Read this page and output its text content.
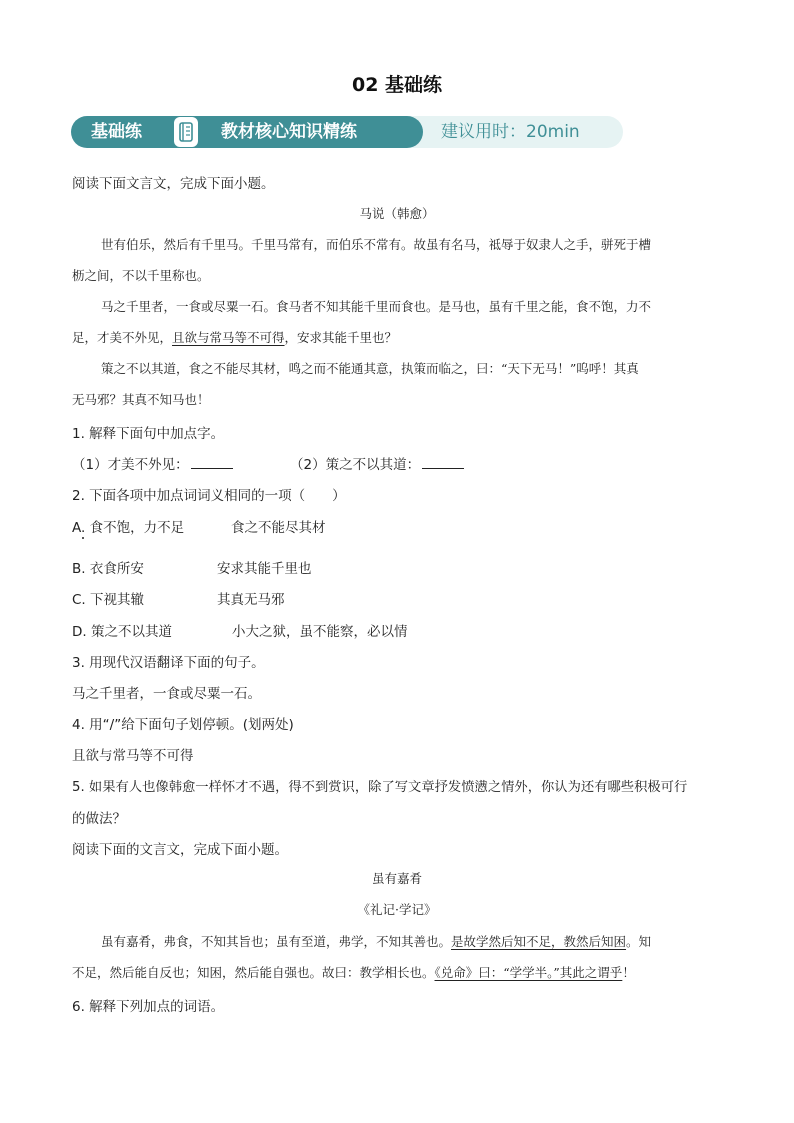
02 基础练
基础练	教材核心知识精练	建议用时：20min
阅读下面文言文，完成下面小题。
马说（韩愈）
世有伯乐，然后有千里马。千里马常有，而伯乐不常有。故虽有名马，祗辱于奴隶人之手，骈死于槽
枥之间，不以千里称也。
马之千里者，一食或尽粟一石。食马者不知其能千里而食也。是马也，虽有千里之能，食不饱，力不
足，才美不外见，且欲与常马等不可得，安求其能千里也？
策之不以其道，食之不能尽其材，鸣之而不能通其意，执策而临之，曰：“天下无马！”呜呼！其真
无马邪？其真不知马也！
1. 解释下面句中加点字。
（1）才美不外见：	（2）策之不以其道：
2. 下面各项中加点词词义相同的一项（　　）
A. 食不饱，力不足	食之不能尽其材
B. 衣食所安	安求其能千里也
C. 下视其辙	其真无马邪
D. 策之不以其道	小大之狱，虽不能察，必以情
3. 用现代汉语翻译下面的句子。
马之千里者，一食或尽粟一石。
4. 用“/”给下面句子划停顿。(划两处)
且欲与常马等不可得
5. 如果有人也像韩愈一样怀才不遇，得不到赏识，除了写文章抒发愤懑之情外，你认为还有哪些积极可行
的做法？
阅读下面的文言文，完成下面小题。
虽有嘉肴
《礼记·学记》
虽有嘉肴，弗食，不知其旨也；虽有至道，弗学，不知其善也。是故学然后知不足，教然后知困。知
不足，然后能自反也；知困，然后能自强也。故曰：教学相长也。《兑命》曰：“学学半。”其此之谓乎！
6. 解释下列加点的词语。
